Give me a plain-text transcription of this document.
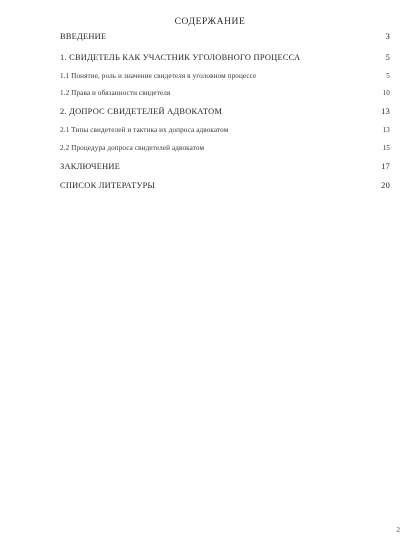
СОДЕРЖАНИЕ
ВВЕДЕНИЕ	3
1. СВИДЕТЕЛЬ КАК УЧАСТНИК УГОЛОВНОГО ПРОЦЕССА	5
1.1 Понятие, роль и значение свидетеля в уголовном процессе	5
1.2 Права и обязанности свидетеля	10
2. ДОПРОС СВИДЕТЕЛЕЙ АДВОКАТОМ	13
2.1 Типы свидетелей и тактика их допроса адвокатом	13
2.2 Процедура допроса свидетелей адвокатом	15
ЗАКЛЮЧЕНИЕ	17
СПИСОК ЛИТЕРАТУРЫ	20
2
